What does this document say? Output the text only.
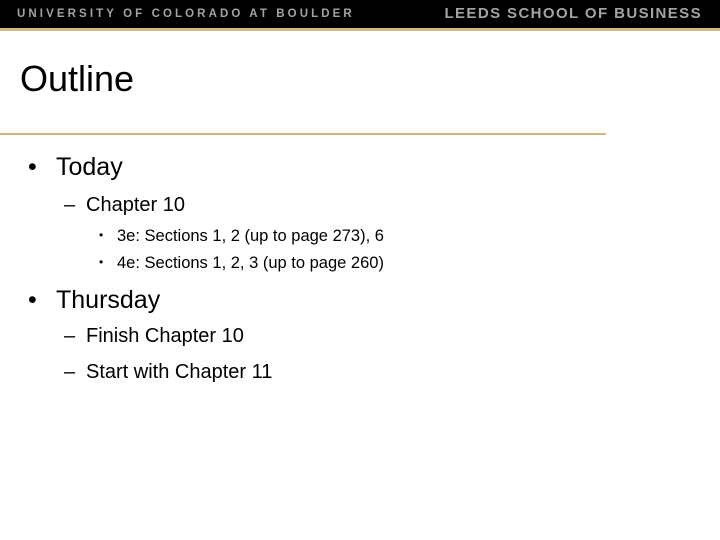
UNIVERSITY OF COLORADO AT BOULDER	LEEDS SCHOOL OF BUSINESS
Outline
• Today
– Chapter 10
• 3e: Sections 1, 2 (up to page 273), 6
• 4e: Sections 1, 2, 3 (up to page 260)
• Thursday
– Finish Chapter 10
– Start with Chapter 11
